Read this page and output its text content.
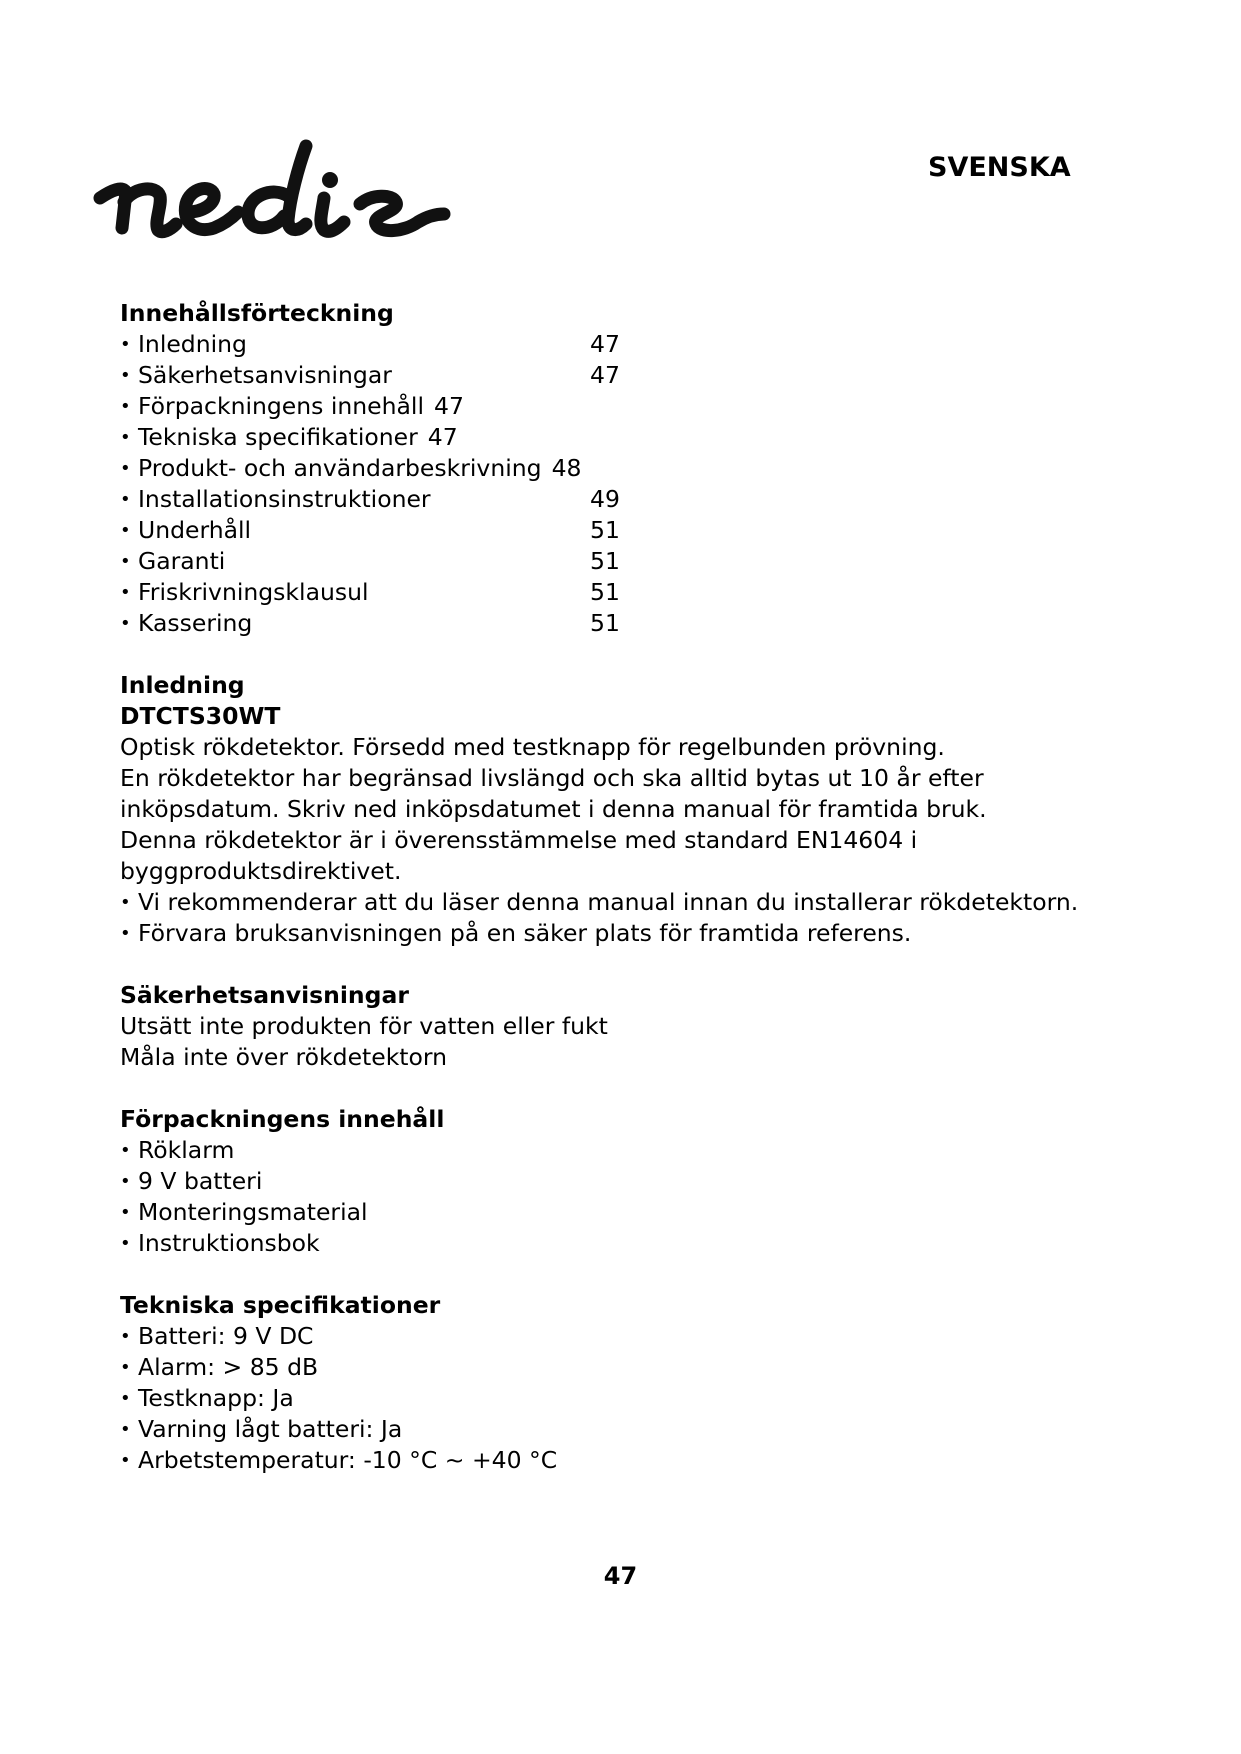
SVENSKA
Innehållsförteckning
• Inledning	47
• Säkerhetsanvisningar	47
• Förpackningens innehåll 47
• Tekniska specifikationer 47
• Produkt- och användarbeskrivning 48
• Installationsinstruktioner	49
• Underhåll	51
• Garanti	51
• Friskrivningsklausul	51
• Kassering	51
Inledning
DTCTS30WT

Optisk rökdetektor. Försedd med testknapp för regelbunden prövning.

En rökdetektor har begränsad livslängd och ska alltid bytas ut 10 år efter

inköpsdatum. Skriv ned inköpsdatumet i denna manual för framtida bruk.

Denna rökdetektor är i överensstämmelse med standard EN14604 i

byggproduktsdirektivet.

• Vi rekommenderar att du läser denna manual innan du installerar rökdetektorn.
• Förvara bruksanvisningen på en säker plats för framtida referens.
Säkerhetsanvisningar

Utsätt inte produkten för vatten eller fukt

Måla inte över rökdetektorn

Förpackningens innehåll
• Röklarm
• 9 V batteri
• Monteringsmaterial
• Instruktionsbok
Tekniska specifikationer
• Batteri: 9 V DC
• Alarm: > 85 dB
• Testknapp: Ja
• Varning lågt batteri: Ja
• Arbetstemperatur: -10 °C ~ +40 °C
47
